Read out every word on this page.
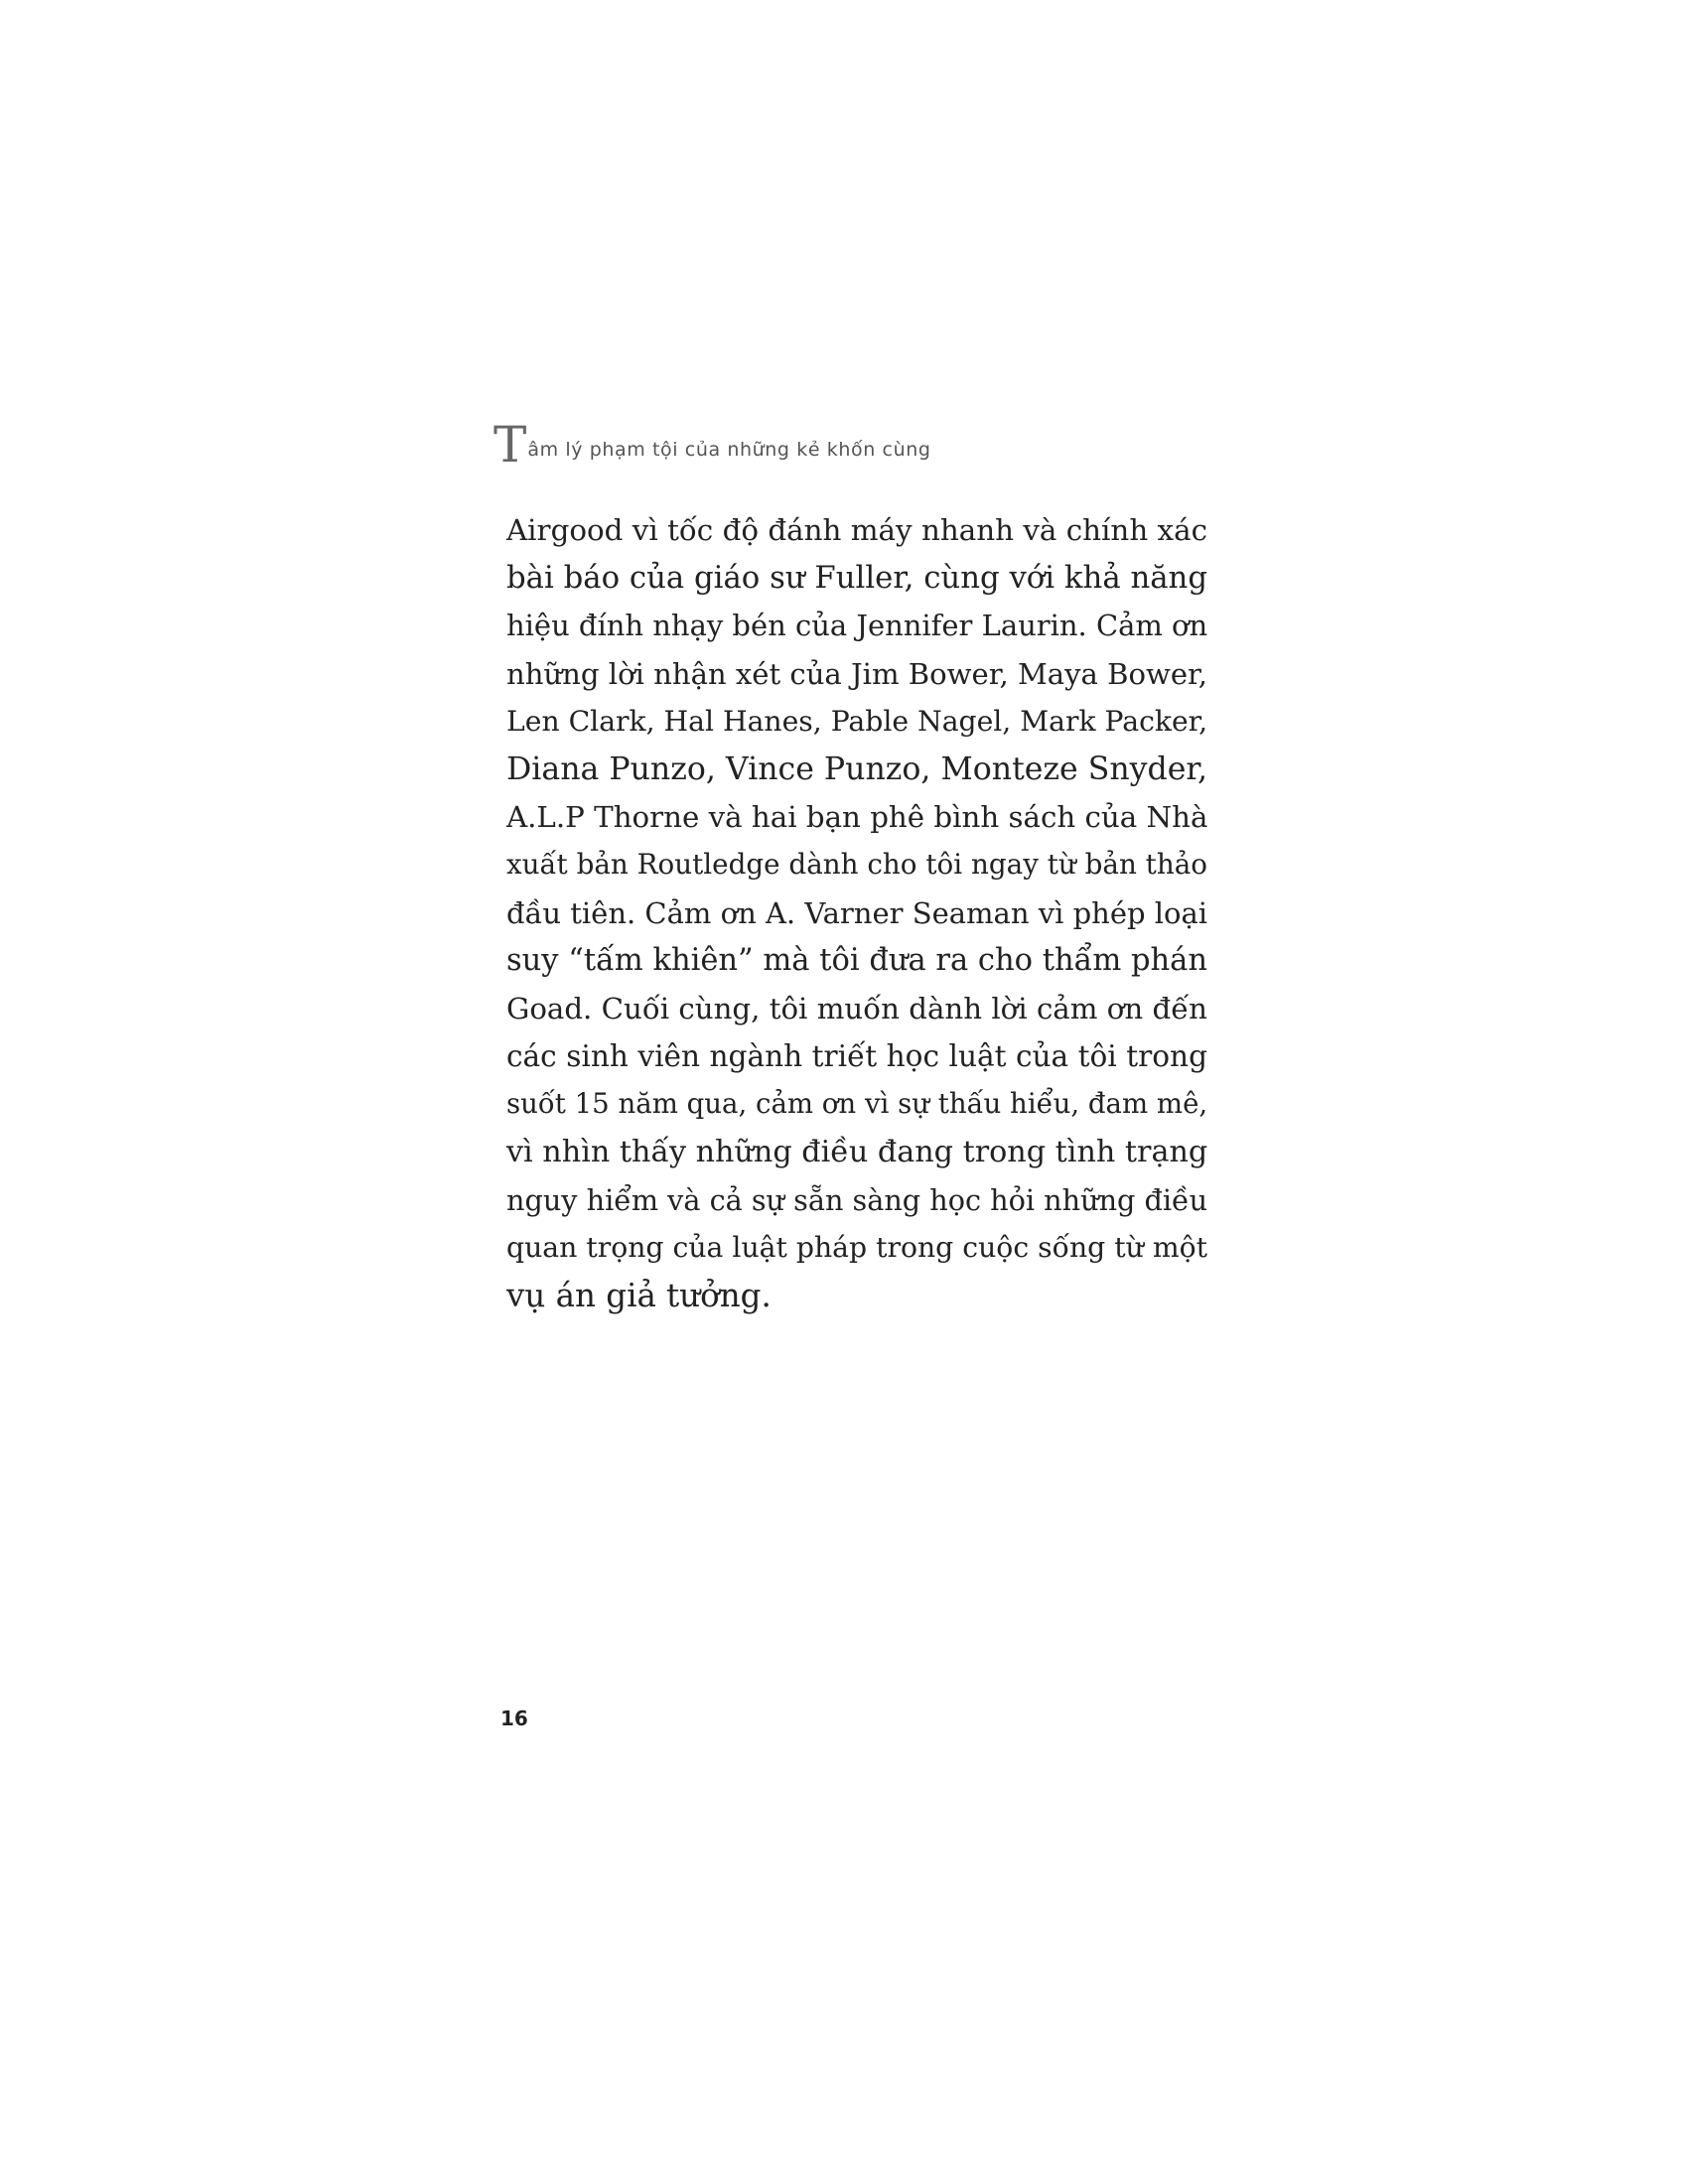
Tâm lý phạm tội của những kẻ khốn cùng
Airgood vì tốc độ đánh máy nhanh và chính xác
bài báo của giáo sư Fuller, cùng với khả năng
hiệu đính nhạy bén của Jennifer Laurin. Cảm ơn
những lời nhận xét của Jim Bower, Maya Bower,
Len Clark, Hal Hanes, Pable Nagel, Mark Packer,
Diana Punzo, Vince Punzo, Monteze Snyder,
A.L.P Thorne và hai bạn phê bình sách của Nhà
xuất bản Routledge dành cho tôi ngay từ bản thảo
đầu tiên. Cảm ơn A. Varner Seaman vì phép loại
suy “tấm khiên” mà tôi đưa ra cho thẩm phán
Goad. Cuối cùng, tôi muốn dành lời cảm ơn đến
các sinh viên ngành triết học luật của tôi trong
suốt 15 năm qua, cảm ơn vì sự thấu hiểu, đam mê,
vì nhìn thấy những điều đang trong tình trạng
nguy hiểm và cả sự sẵn sàng học hỏi những điều
quan trọng của luật pháp trong cuộc sống từ một
vụ án giả tưởng.
16
